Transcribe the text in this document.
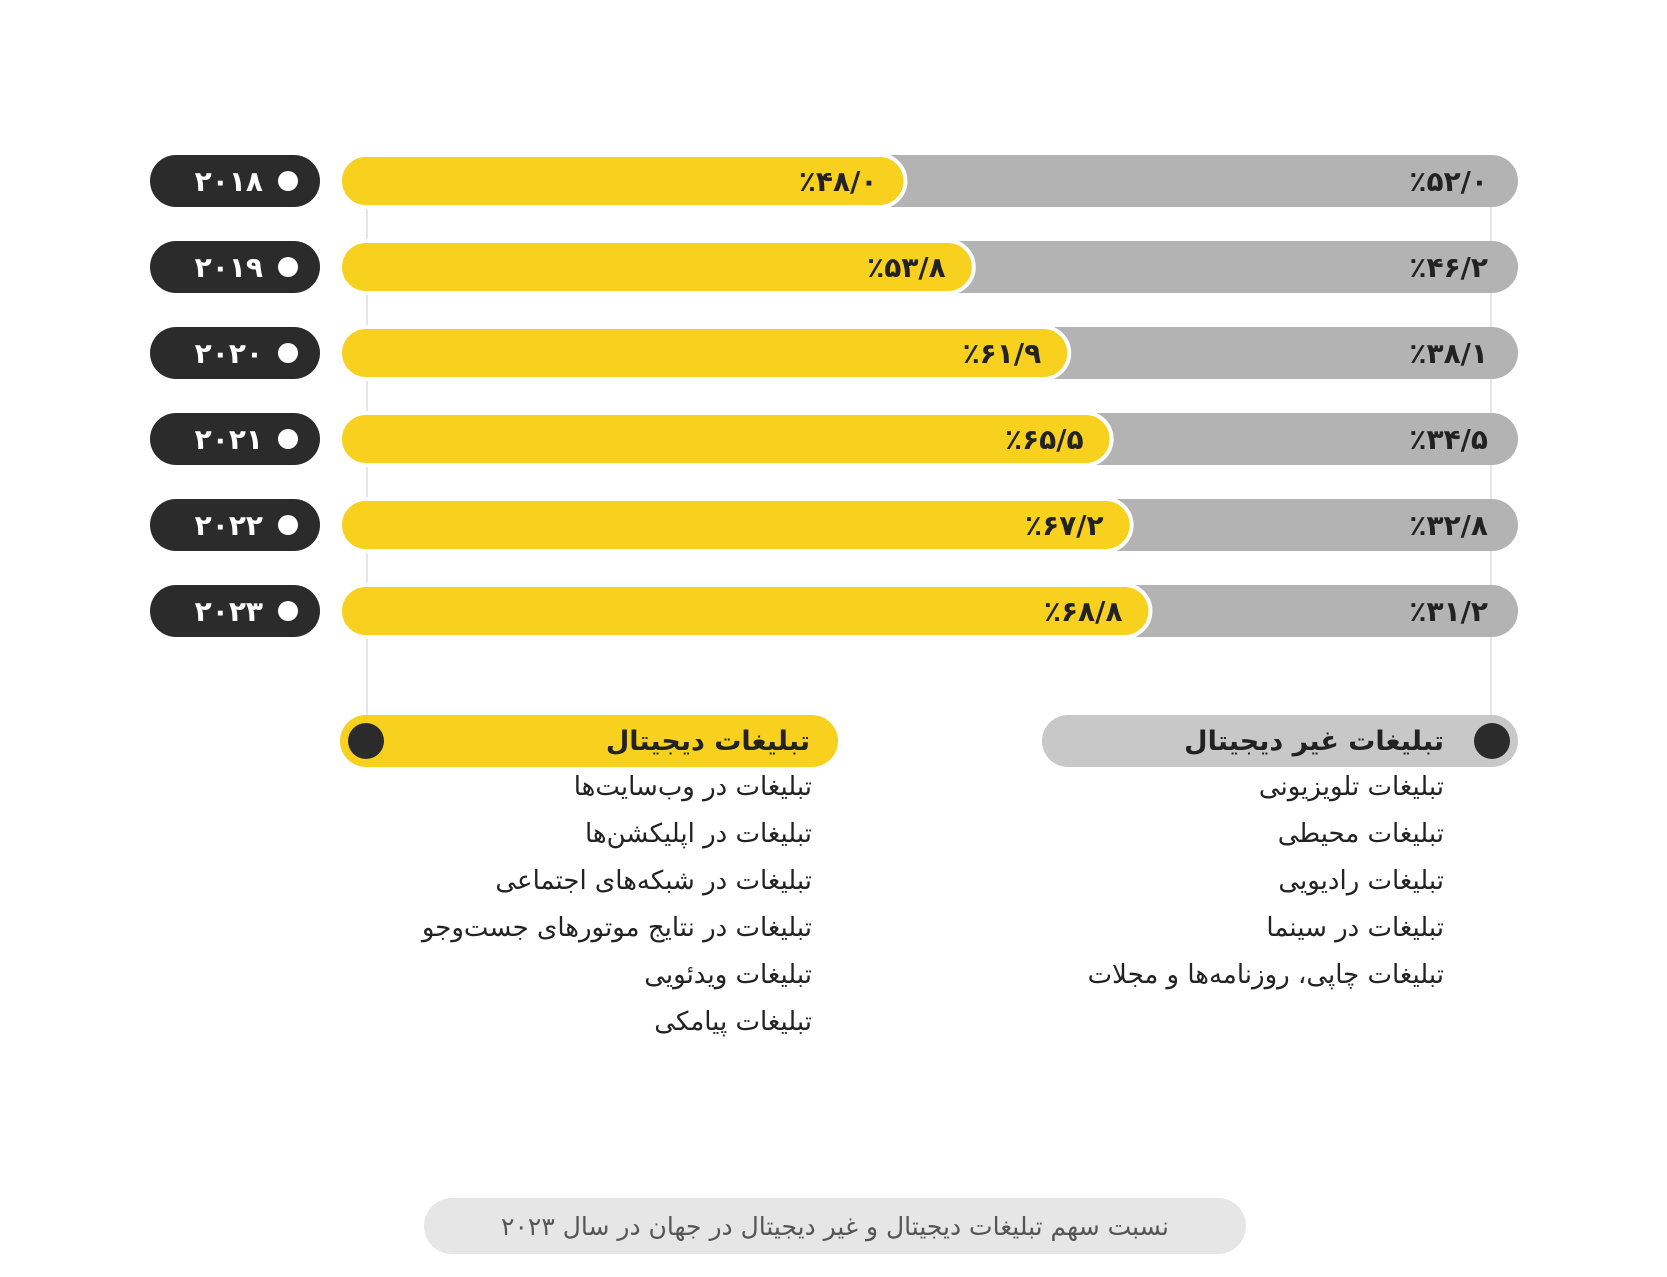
۲۰۱۸	٪۴۸/۰	٪۵۲/۰
۲۰۱۹	٪۵۳/۸	٪۴۶/۲
۲۰۲۰	٪۶۱/۹	٪۳۸/۱
۲۰۲۱	٪۶۵/۵	٪۳۴/۵
۲۰۲۲	٪۶۷/۲	٪۳۲/۸
۲۰۲۳	٪۶۸/۸	٪۳۱/۲
تبلیغات دیجیتال
تبلیغات در وب‌سایت‌ها
تبلیغات در اپلیکشن‌ها
تبلیغات در شبکه‌های اجتماعی
تبلیغات در نتایج موتورهای جست‌وجو
تبلیغات ویدئویی
تبلیغات پیامکی
تبلیغات غیر دیجیتال
تبلیغات تلویزیونی
تبلیغات محیطی
تبلیغات رادیویی
تبلیغات در سینما
تبلیغات چاپی، روزنامه‌ها و مجلات
نسبت سهم تبلیغات دیجیتال و غیر دیجیتال در جهان در سال ۲۰۲۳
